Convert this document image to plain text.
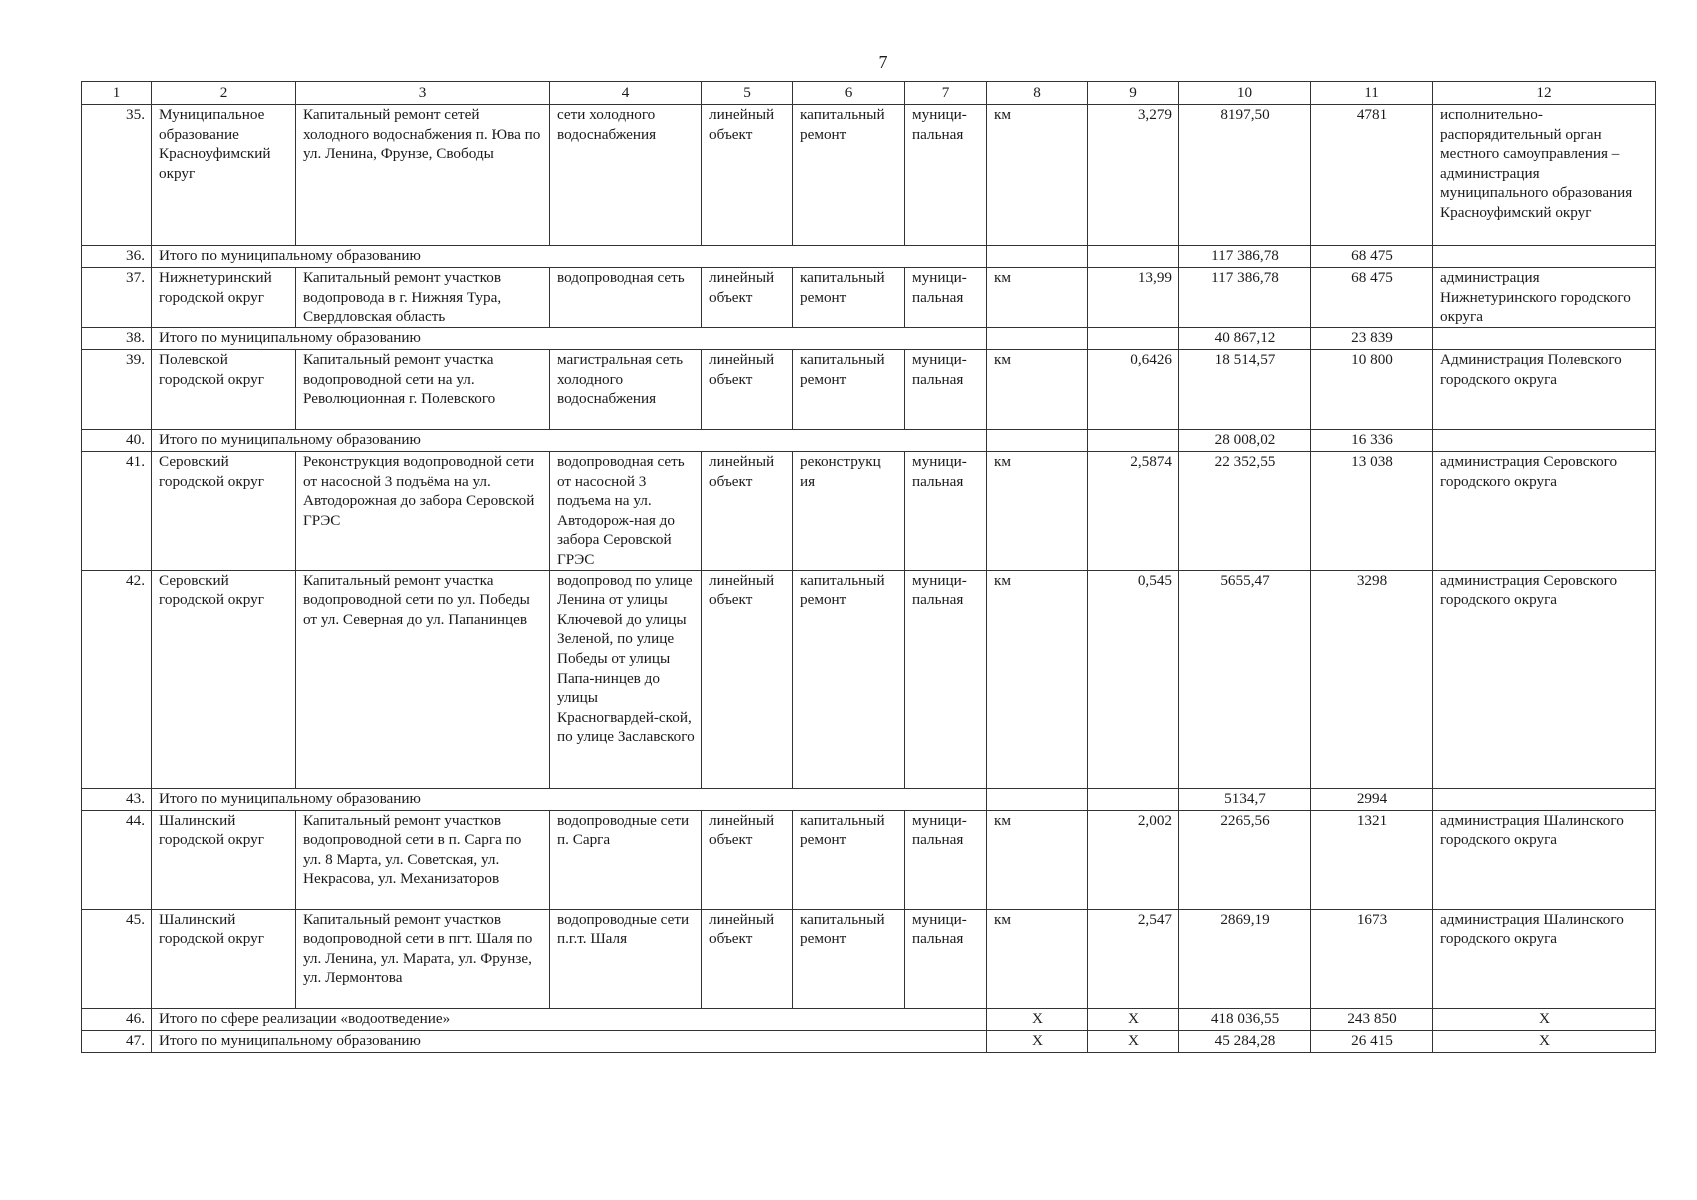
7
1	2	3	4	5	6	7	8	9	10	11	12
35.	Муниципальное образование Красноуфимский округ	Капитальный ремонт сетей холодного водоснабжения п. Юва по ул. Ленина, Фрунзе, Свободы	сети холодного водоснабжения	линейный объект	капитальный ремонт	муници-пальная	км	3,279	8197,50	4781	исполнительно-распорядительный орган местного самоуправления – администрация муниципального образования Красноуфимский округ
36.	Итого по муниципальному образованию								117 386,78	68 475	
37.	Нижнетуринский городской округ	Капитальный ремонт участков водопровода в г. Нижняя Тура, Свердловская область	водопроводная сеть	линейный объект	капитальный ремонт	муници-пальная	км	13,99	117 386,78	68 475	администрация Нижнетуринского городского округа
38.	Итого по муниципальному образованию								40 867,12	23 839	
39.	Полевской городской округ	Капитальный ремонт участка водопроводной сети на ул. Революционная г. Полевского	магистральная сеть холодного водоснабжения	линейный объект	капитальный ремонт	муници-пальная	км	0,6426	18 514,57	10 800	Администрация Полевского городского округа
40.	Итого по муниципальному образованию								28 008,02	16 336	
41.	Серовский городской округ	Реконструкция водопроводной сети от насосной 3 подъёма на ул. Автодорожная до забора Серовской ГРЭС	водопроводная сеть от насосной 3 подъема на ул. Автодорож-ная до забора Серовской ГРЭС	линейный объект	реконструкц ия	муници-пальная	км	2,5874	22 352,55	13 038	администрация Серовского городского округа
42.	Серовский городской округ	Капитальный ремонт участка водопроводной сети по ул. Победы от ул. Северная до ул. Папанинцев	водопровод по улице Ленина от улицы Ключевой до улицы Зеленой, по улице Победы от улицы Папа-нинцев до улицы Красногвардей-ской, по улице Заславского	линейный объект	капитальный ремонт	муници-пальная	км	0,545	5655,47	3298	администрация Серовского городского округа
43.	Итого по муниципальному образованию								5134,7	2994	
44.	Шалинский городской округ	Капитальный ремонт участков водопроводной сети в п. Сарга по ул. 8 Марта, ул. Советская, ул. Некрасова, ул. Механизаторов	водопроводные сети п. Сарга	линейный объект	капитальный ремонт	муници-пальная	км	2,002	2265,56	1321	администрация Шалинского городского округа
45.	Шалинский городской округ	Капитальный ремонт участков водопроводной сети в пгт. Шаля по ул. Ленина, ул. Марата, ул. Фрунзе, ул. Лермонтова	водопроводные сети п.г.т. Шаля	линейный объект	капитальный ремонт	муници-пальная	км	2,547	2869,19	1673	администрация Шалинского городского округа
46.	Итого по сфере реализации «водоотведение»						Х	Х	418 036,55	243 850	Х
47.	Итого по муниципальному образованию						Х	Х	45 284,28	26 415	Х
